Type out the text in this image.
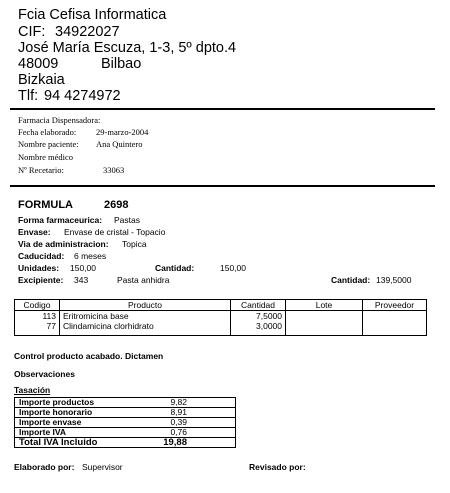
Fcia Cefisa Informatica
CIF: 34922027
José María Escuza, 1-3, 5º dpto.4
48009	Bilbao
Bizkaia
Tlf: 94 4274972
Farmacia Dispensadora:
Fecha elaborado: 29-marzo-2004
Nombre paciente: Ana Quintero
Nombre médico
Nº Recetario:	33063
FORMULA	2698
Forma farmaceurica: Pastas
Envase: Envase de cristal - Topacio
Via de administracion: Topica
Caducidad: 6 meses
Unidades: 150,00	Cantidad:	150,00
Excipiente: 343	Pasta anhidra	Cantidad: 139,5000
Codigo	Producto	Cantidad	Lote	Proveedor
113	Eritromicina base	7,5000		
77	Clindamicina clorhidrato	3,0000		
Control producto acabado. Dictamen
Observaciones
Tasación
Importe productos	9,82	
Importe honorario	8,91	
Importe envase	0,39	
Importe IVA	0,76	
Total IVA Incluido	19,88	
Elaborado por: Supervisor	Revisado por:
